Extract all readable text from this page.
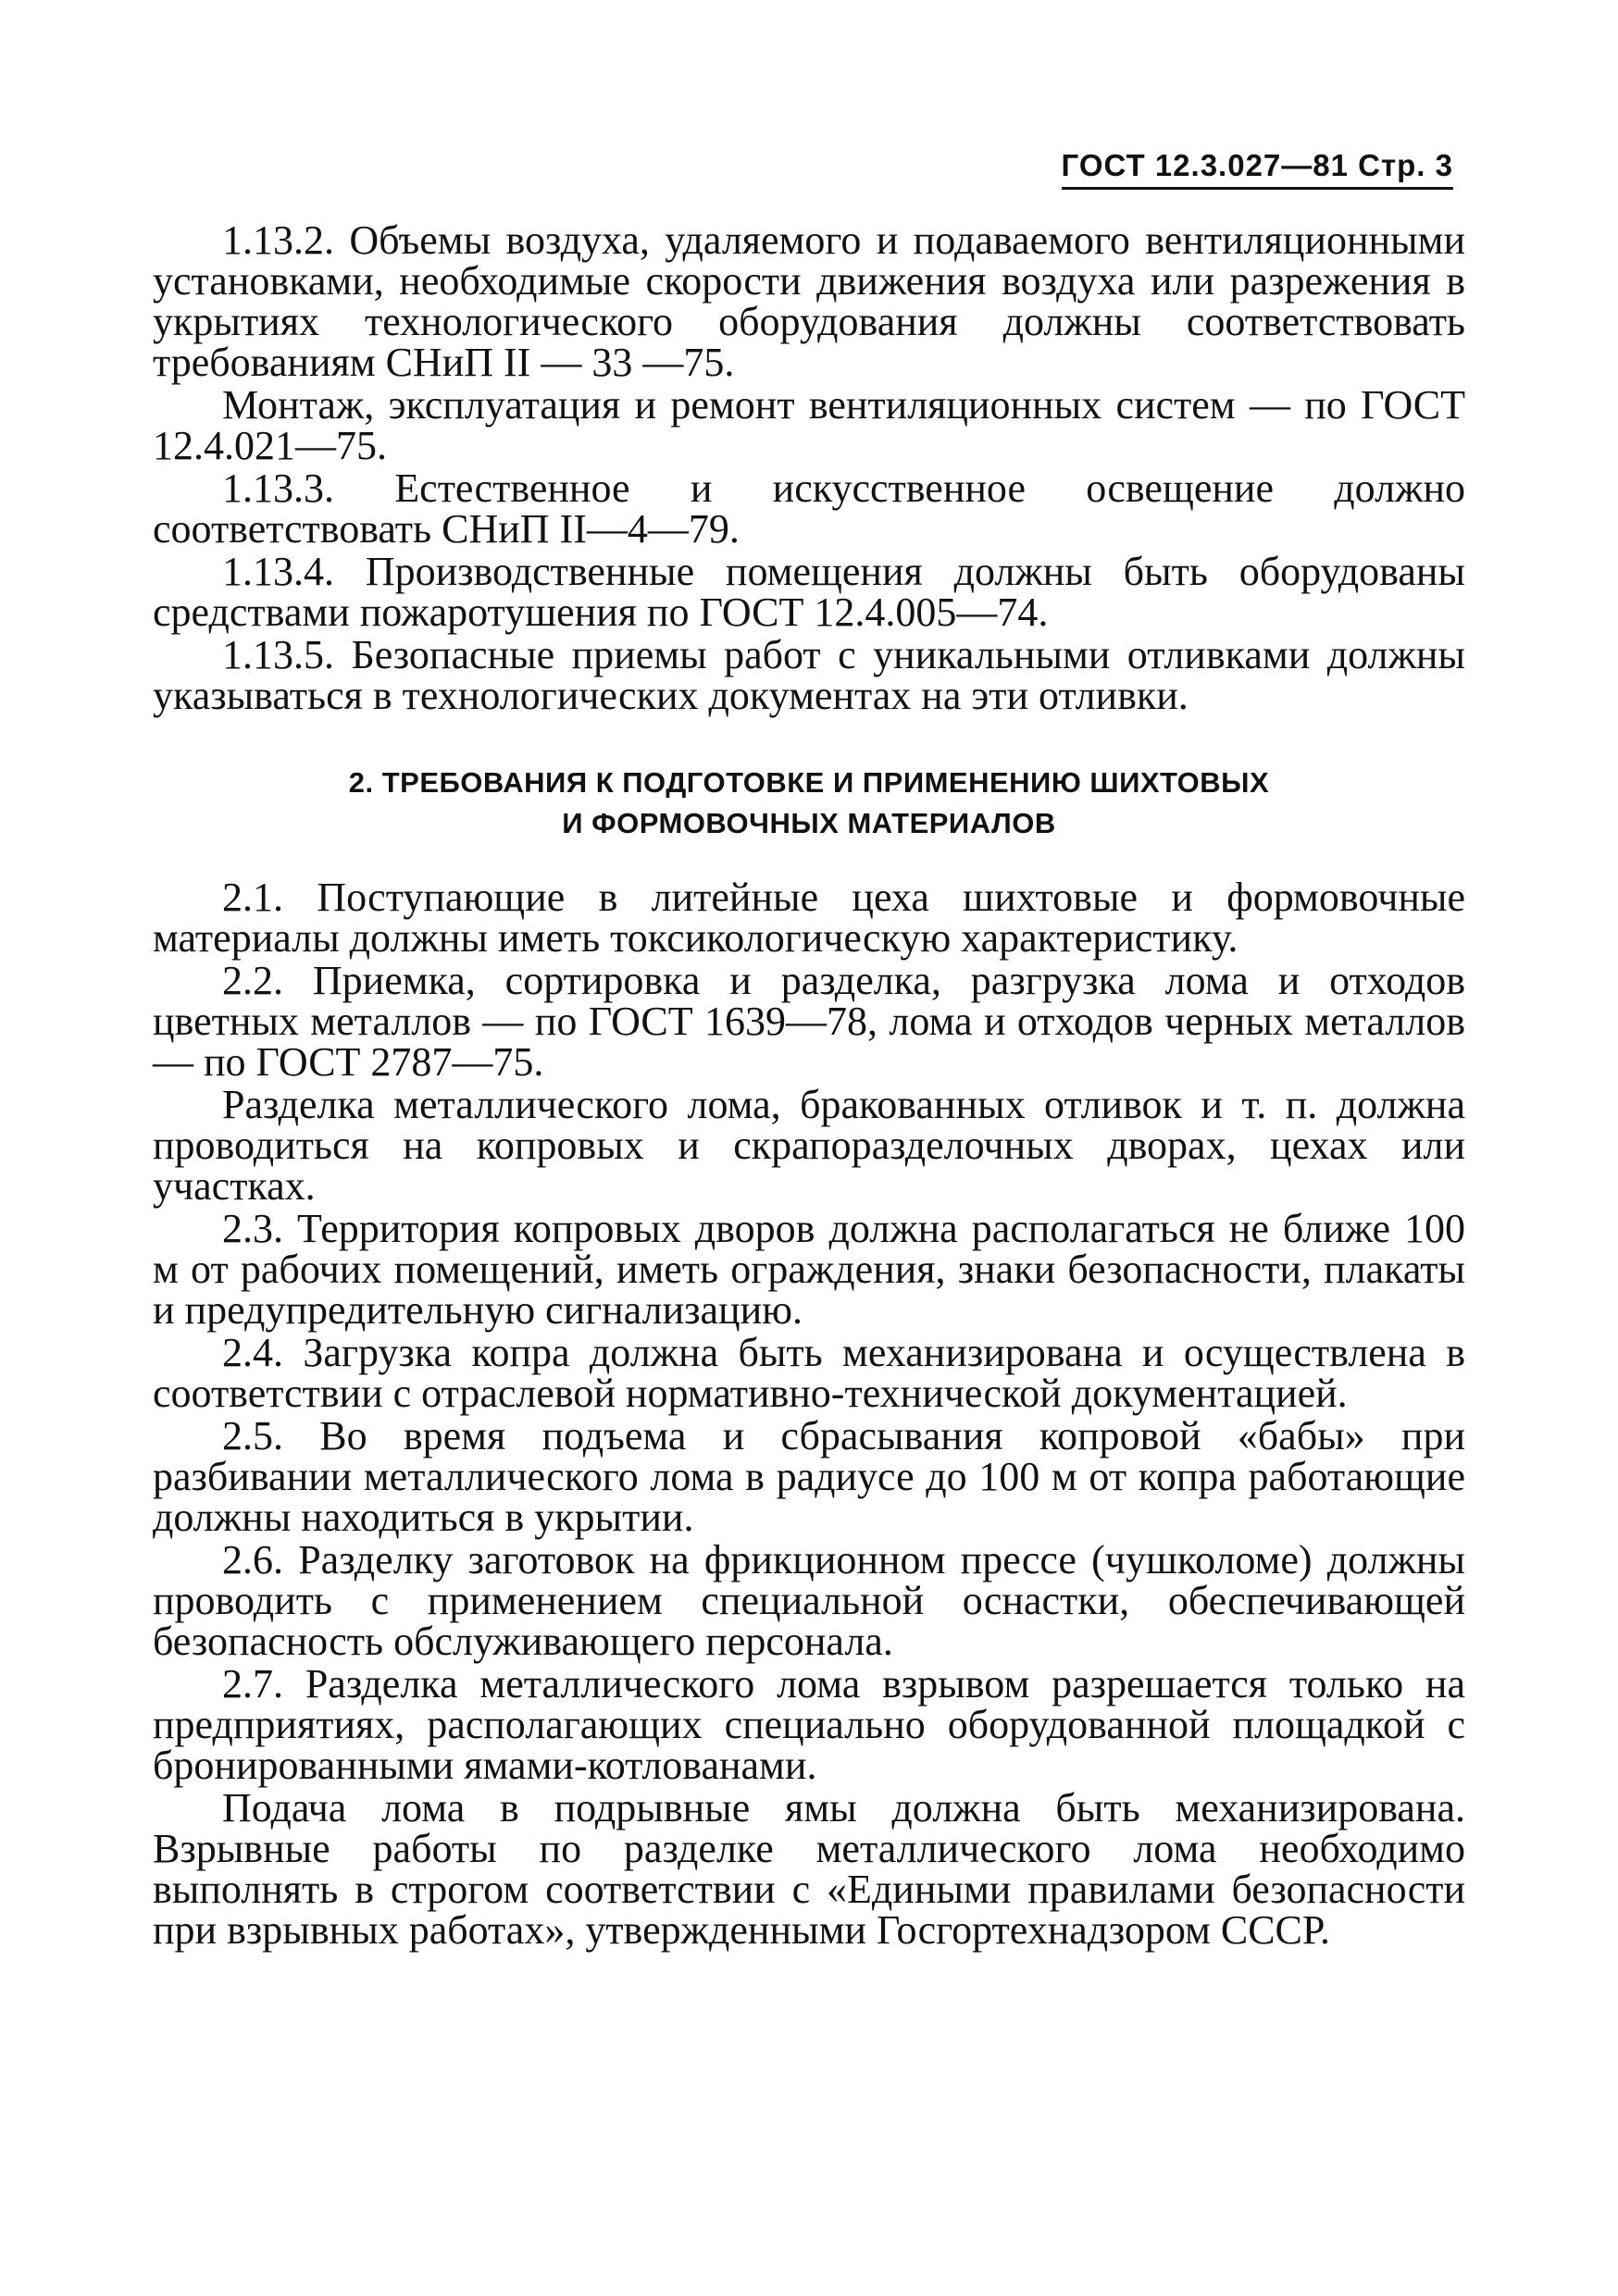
ГОСТ 12.3.027—81 Стр. 3

1.13.2. Объемы воздуха, удаляемого и подаваемого вентиляционными установками, необходимые скорости движения воздуха или разрежения в укрытиях технологического оборудования должны соответствовать требованиям СНиП II — 33 —75.

Монтаж, эксплуатация и ремонт вентиляционных систем — по ГОСТ 12.4.021—75.

1.13.3. Естественное и искусственное освещение должно соответствовать СНиП II—4—79.

1.13.4. Производственные помещения должны быть оборудованы средствами пожаротушения по ГОСТ 12.4.005—74.

1.13.5. Безопасные приемы работ с уникальными отливками должны указываться в технологических документах на эти отливки.

2. ТРЕБОВАНИЯ К ПОДГОТОВКЕ И ПРИМЕНЕНИЮ ШИХТОВЫХ
И ФОРМОВОЧНЫХ МАТЕРИАЛОВ

2.1. Поступающие в литейные цеха шихтовые и формовочные материалы должны иметь токсикологическую характеристику.

2.2. Приемка, сортировка и разделка, разгрузка лома и отходов цветных металлов — по ГОСТ 1639—78, лома и отходов черных металлов — по ГОСТ 2787—75.

Разделка металлического лома, бракованных отливок и т. п. должна проводиться на копровых и скрапоразделочных дворах, цехах или участках.

2.3. Территория копровых дворов должна располагаться не ближе 100 м от рабочих помещений, иметь ограждения, знаки безопасности, плакаты и предупредительную сигнализацию.

2.4. Загрузка копра должна быть механизирована и осуществлена в соответствии с отраслевой нормативно-технической документацией.

2.5. Во время подъема и сбрасывания копровой «бабы» при разбивании металлического лома в радиусе до 100 м от копра работающие должны находиться в укрытии.

2.6. Разделку заготовок на фрикционном прессе (чушколоме) должны проводить с применением специальной оснастки, обеспечивающей безопасность обслуживающего персонала.

2.7. Разделка металлического лома взрывом разрешается только на предприятиях, располагающих специально оборудованной площадкой с бронированными ямами-котлованами.

Подача лома в подрывные ямы должна быть механизирована. Взрывные работы по разделке металлического лома необходимо выполнять в строгом соответствии с «Едиными правилами безопасности при взрывных работах», утвержденными Госгортехнадзором СССР.
